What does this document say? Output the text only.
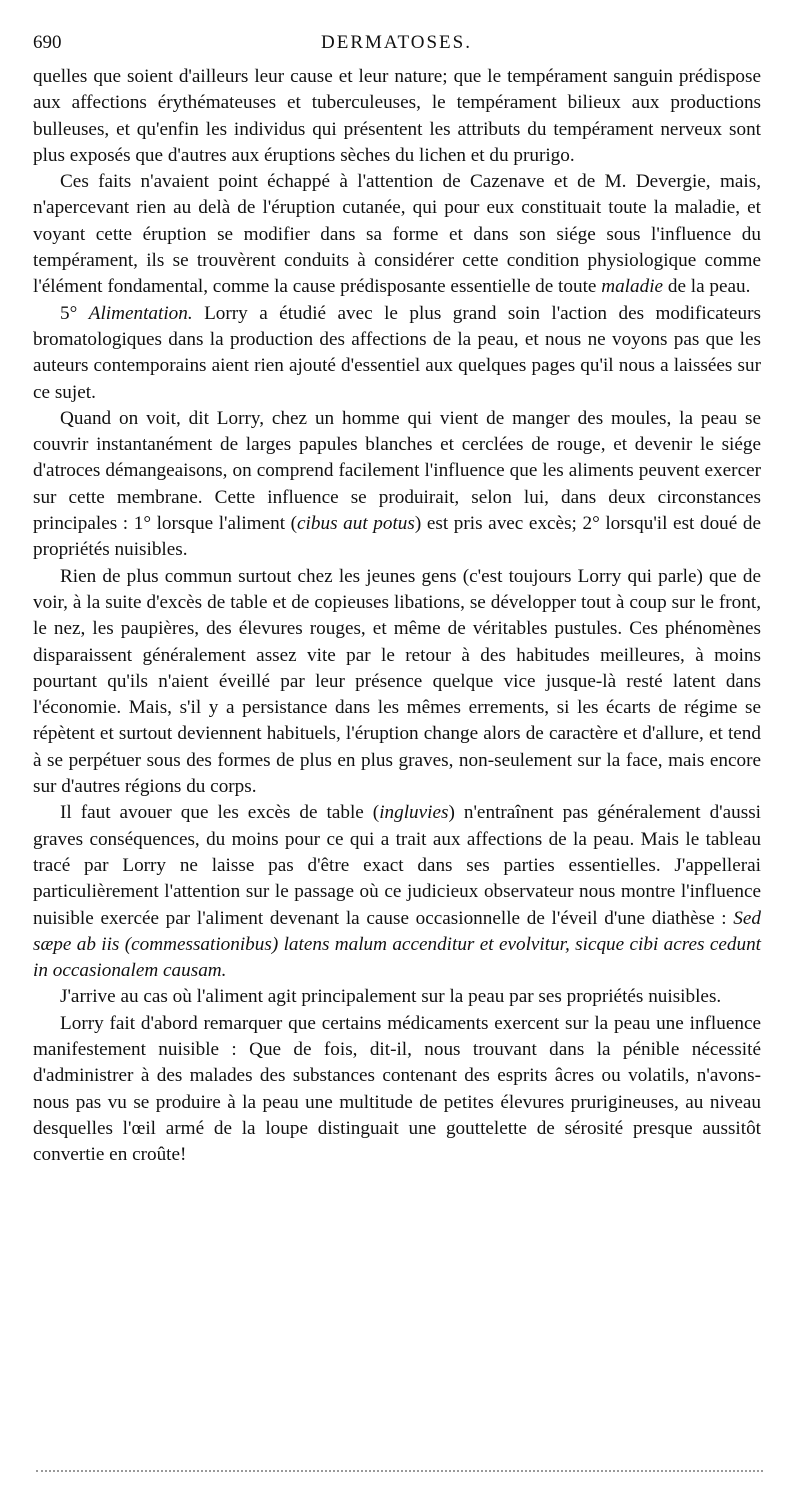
690	DERMATOSES.

quelles que soient d'ailleurs leur cause et leur nature; que le tempérament sanguin prédispose aux affections érythémateuses et tuberculeuses, le tempérament bilieux aux productions bulleuses, et qu'enfin les individus qui présentent les attributs du tempérament nerveux sont plus exposés que d'autres aux éruptions sèches du lichen et du prurigo.

Ces faits n'avaient point échappé à l'attention de Cazenave et de M. Devergie, mais, n'apercevant rien au delà de l'éruption cutanée, qui pour eux constituait toute la maladie, et voyant cette éruption se modifier dans sa forme et dans son siége sous l'influence du tempérament, ils se trouvèrent conduits à considérer cette condition physiologique comme l'élément fondamental, comme la cause prédisposante essentielle de toute maladie de la peau.

5° Alimentation. Lorry a étudié avec le plus grand soin l'action des modificateurs bromatologiques dans la production des affections de la peau, et nous ne voyons pas que les auteurs contemporains aient rien ajouté d'essentiel aux quelques pages qu'il nous a laissées sur ce sujet.

Quand on voit, dit Lorry, chez un homme qui vient de manger des moules, la peau se couvrir instantanément de larges papules blanches et cerclées de rouge, et devenir le siége d'atroces démangeaisons, on comprend facilement l'influence que les aliments peuvent exercer sur cette membrane. Cette influence se produirait, selon lui, dans deux circonstances principales : 1° lorsque l'aliment (cibus aut potus) est pris avec excès; 2° lorsqu'il est doué de propriétés nuisibles.

Rien de plus commun surtout chez les jeunes gens (c'est toujours Lorry qui parle) que de voir, à la suite d'excès de table et de copieuses libations, se développer tout à coup sur le front, le nez, les paupières, des élevures rouges, et même de véritables pustules. Ces phénomènes disparaissent généralement assez vite par le retour à des habitudes meilleures, à moins pourtant qu'ils n'aient éveillé par leur présence quelque vice jusque-là resté latent dans l'économie. Mais, s'il y a persistance dans les mêmes errements, si les écarts de régime se répètent et surtout deviennent habituels, l'éruption change alors de caractère et d'allure, et tend à se perpétuer sous des formes de plus en plus graves, non-seulement sur la face, mais encore sur d'autres régions du corps.

Il faut avouer que les excès de table (ingluvies) n'entraînent pas généralement d'aussi graves conséquences, du moins pour ce qui a trait aux affections de la peau. Mais le tableau tracé par Lorry ne laisse pas d'être exact dans ses parties essentielles. J'appellerai particulièrement l'attention sur le passage où ce judicieux observateur nous montre l'influence nuisible exercée par l'aliment devenant la cause occasionnelle de l'éveil d'une diathèse : Sed sæpe ab iis (commessationibus) latens malum accenditur et evolvitur, sicque cibi acres cedunt in occasionalem causam.

J'arrive au cas où l'aliment agit principalement sur la peau par ses propriétés nuisibles.

Lorry fait d'abord remarquer que certains médicaments exercent sur la peau une influence manifestement nuisible : Que de fois, dit-il, nous trouvant dans la pénible nécessité d'administrer à des malades des substances contenant des esprits âcres ou volatils, n'avons-nous pas vu se produire à la peau une multitude de petites élevures prurigineuses, au niveau desquelles l'œil armé de la loupe distinguait une gouttelette de sérosité presque aussitôt convertie en croûte!
